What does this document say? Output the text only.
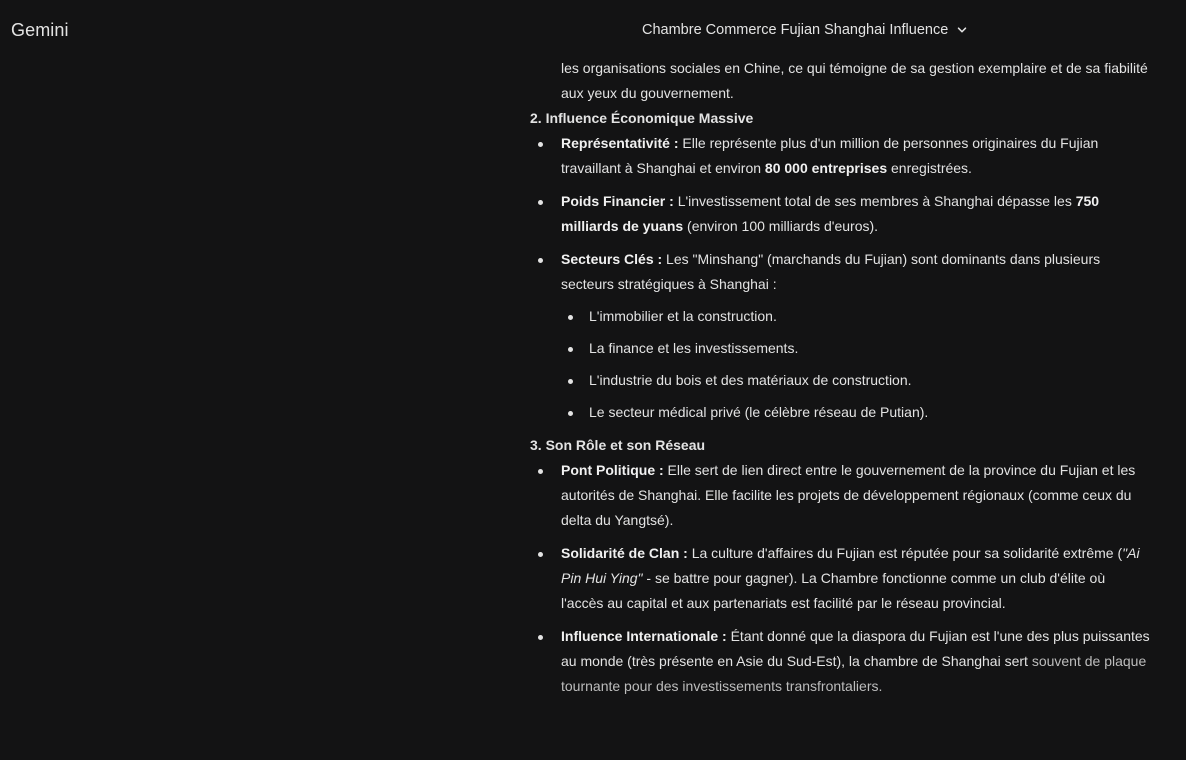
Gemini	Chambre Commerce Fujian Shanghai Influence

les organisations sociales en Chine, ce qui témoigne de sa gestion exemplaire et de sa fiabilité aux yeux du gouvernement.

2. Influence Économique Massive

Représentativité : Elle représente plus d'un million de personnes originaires du Fujian travaillant à Shanghai et environ 80 000 entreprises enregistrées.
Poids Financier : L'investissement total de ses membres à Shanghai dépasse les 750 milliards de yuans (environ 100 milliards d'euros).
Secteurs Clés : Les "Minshang" (marchands du Fujian) sont dominants dans plusieurs secteurs stratégiques à Shanghai :
L'immobilier et la construction.
La finance et les investissements.
L'industrie du bois et des matériaux de construction.
Le secteur médical privé (le célèbre réseau de Putian).

3. Son Rôle et son Réseau

Pont Politique : Elle sert de lien direct entre le gouvernement de la province du Fujian et les autorités de Shanghai. Elle facilite les projets de développement régionaux (comme ceux du delta du Yangtsé).
Solidarité de Clan : La culture d'affaires du Fujian est réputée pour sa solidarité extrême ("Ai Pin Hui Ying" - se battre pour gagner). La Chambre fonctionne comme un club d'élite où l'accès au capital et aux partenariats est facilité par le réseau provincial.
Influence Internationale : Étant donné que la diaspora du Fujian est l'une des plus puissantes au monde (très présente en Asie du Sud-Est), la chambre de Shanghai sert souvent de plaque tournante pour des investissements transfrontaliers.
